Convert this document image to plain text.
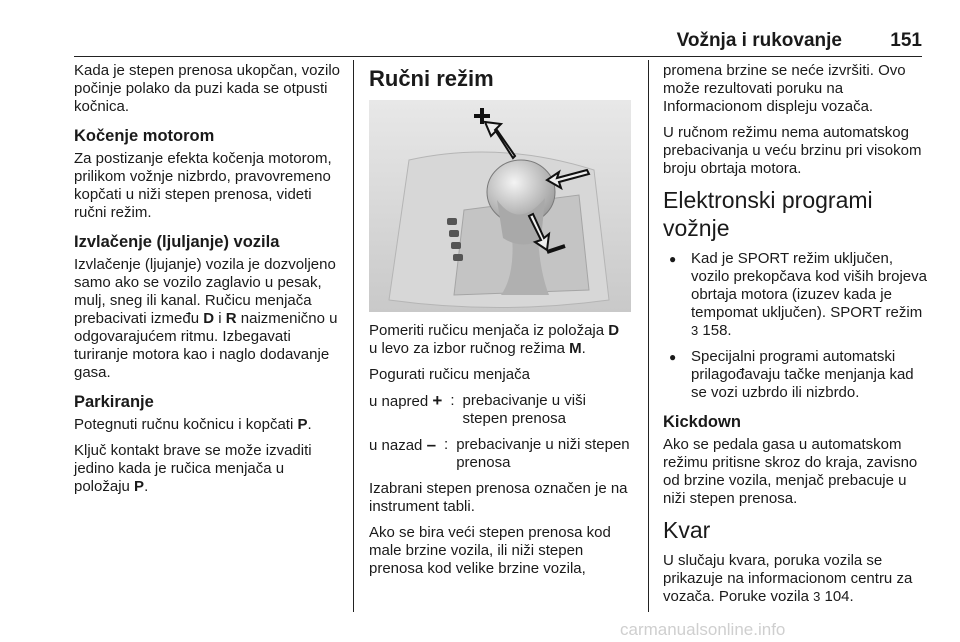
Vožnja i rukovanje	151

Kada je stepen prenosa ukopčan, vozilo počinje polako da puzi kada se otpusti kočnica.

Kočenje motorom

Za postizanje efekta kočenja motorom, prilikom vožnje nizbrdo, pravovremeno kopčati u niži stepen prenosa, videti ručni režim.

Izvlačenje (ljuljanje) vozila

Izvlačenje (ljujanje) vozila je dozvoljeno samo ako se vozilo zaglavio u pesak, mulj, sneg ili kanal. Ručicu menjača prebacivati između D i R naizmenično u odgovarajućem ritmu. Izbegavati turiranje motora kao i naglo dodavanje gasa.

Parkiranje

Potegnuti ručnu kočnicu i kopčati P.

Ključ kontakt brave se može izvaditi jedino kada je ručica menjača u položaju P.

Ručni režim

Pomeriti ručicu menjača iz položaja D u levo za izbor ručnog režima M.

Pogurati ručicu menjača

u napred + : prebacivanje u viši stepen prenosa
u nazad – : prebacivanje u niži stepen prenosa

Izabrani stepen prenosa označen je na instrument tabli.

Ako se bira veći stepen prenosa kod male brzine vozila, ili niži stepen prenosa kod velike brzine vozila,

promena brzine se neće izvršiti. Ovo može rezultovati poruku na Informacionom displeju vozača.

U ručnom režimu nema automatskog prebacivanja u veću brzinu pri visokom broju obrtaja motora.

Elektronski programi vožnje
● Kad je SPORT režim uključen, vozilo prekopčava kod viših brojeva obrtaja motora (izuzev kada je tempomat uključen). SPORT režim 3 158.
● Specijalni programi automatski prilagođavaju tačke menjanja kad se vozi uzbrdo ili nizbrdo.
Kickdown

Ako se pedala gasa u automatskom režimu pritisne skroz do kraja, zavisno od brzine vozila, menjač prebacuje u niži stepen prenosa.

Kvar

U slučaju kvara, poruka vozila se prikazuje na informacionom centru za vozača. Poruke vozila 3 104.

carmanualsonline.info
